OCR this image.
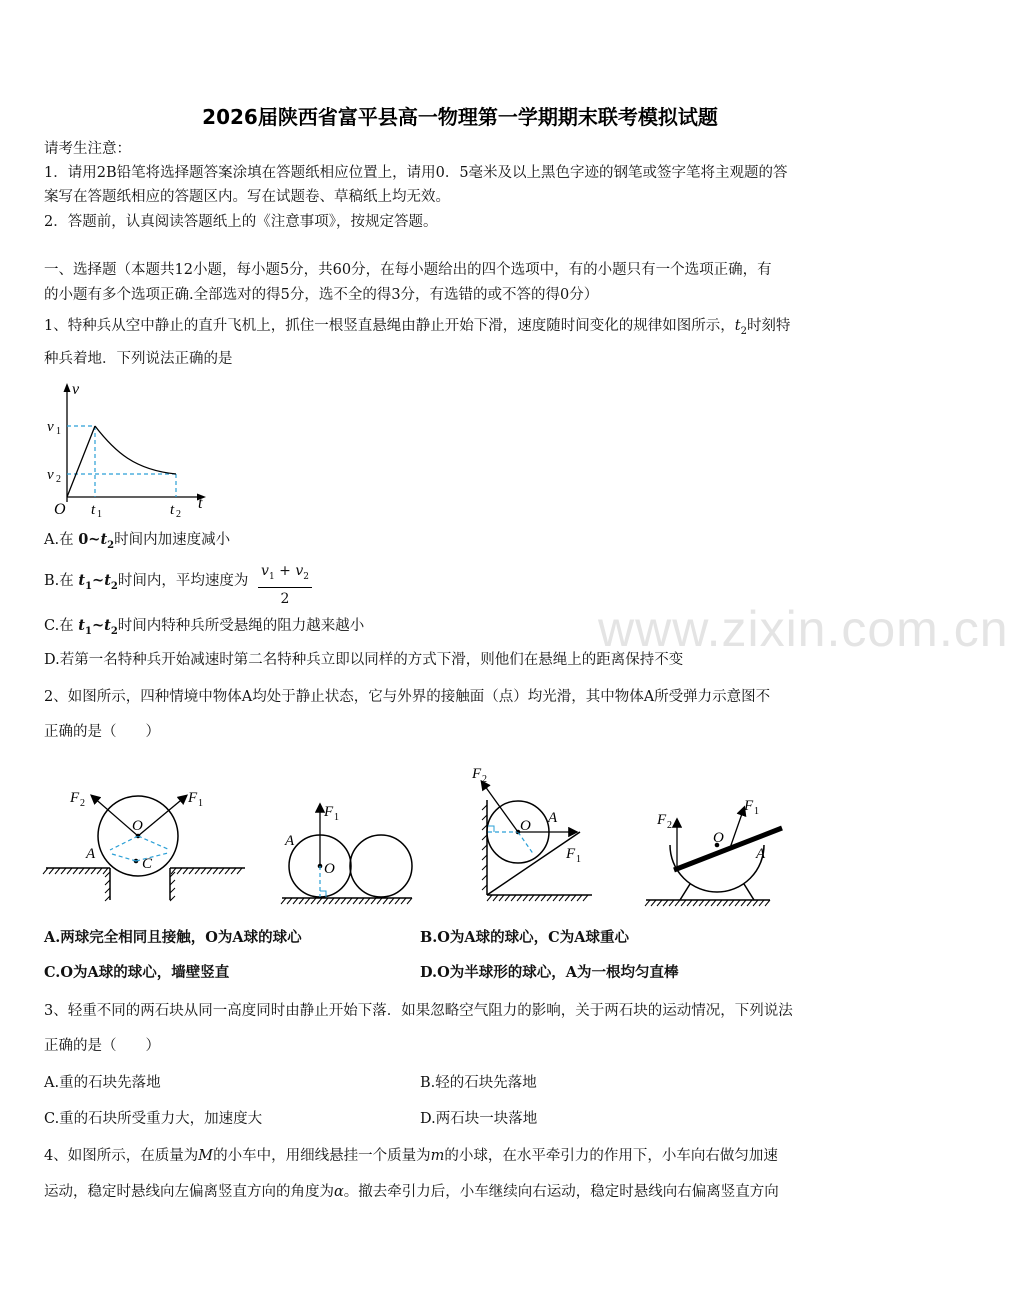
www.zixin.com.cn
2026届陕西省富平县高一物理第一学期期末联考模拟试题
请考生注意：
1．请用2B铅笔将选择题答案涂填在答题纸相应位置上，请用0．5毫米及以上黑色字迹的钢笔或签字笔将主观题的答
案写在答题纸相应的答题区内。写在试题卷、草稿纸上均无效。
2．答题前，认真阅读答题纸上的《注意事项》，按规定答题。
一、选择题（本题共12小题，每小题5分，共60分，在每小题给出的四个选项中，有的小题只有一个选项正确，有
的小题有多个选项正确.全部选对的得5分，选不全的得3分，有选错的或不答的得0分）
1、特种兵从空中静止的直升飞机上，抓住一根竖直悬绳由静止开始下滑，速度随时间变化的规律如图所示，$t_2$时刻特
种兵着地．下列说法正确的是
v
t
O
v 1
v 2
t 1	t 2
A.在 $0\sim t_2$时间内加速度减小
B.在 $t_1\sim t_2$时间内，平均速度为 $\frac{v_1 + v_2}{2}$
C.在 $t_1\sim t_2$时间内特种兵所受悬绳的阻力越来越小
D.若第一名特种兵开始减速时第二名特种兵立即以同样的方式下滑，则他们在悬绳上的距离保持不变
2、如图所示，四种情境中物体A均处于静止状态，它与外界的接触面（点）均光滑，其中物体A所受弹力示意图不
正确的是（　　）
F 2	F 1
O
A
C
F 1
A
O
F 2
O A
F 1
F 2
F 1
O
A
A.两球完全相同且接触，O为A球的球心	B.O为A球的球心，C为A球重心
C.O为A球的球心，墙壁竖直	D.O为半球形的球心，A为一根均匀直棒
3、轻重不同的两石块从同一高度同时由静止开始下落．如果忽略空气阻力的影响，关于两石块的运动情况，下列说法
正确的是（　　）
A.重的石块先落地	B.轻的石块先落地
C.重的石块所受重力大，加速度大	D.两石块一块落地
4、如图所示，在质量为M的小车中，用细线悬挂一个质量为m的小球，在水平牵引力的作用下，小车向右做匀加速
运动，稳定时悬线向左偏离竖直方向的角度为α。撤去牵引力后，小车继续向右运动，稳定时悬线向右偏离竖直方向
